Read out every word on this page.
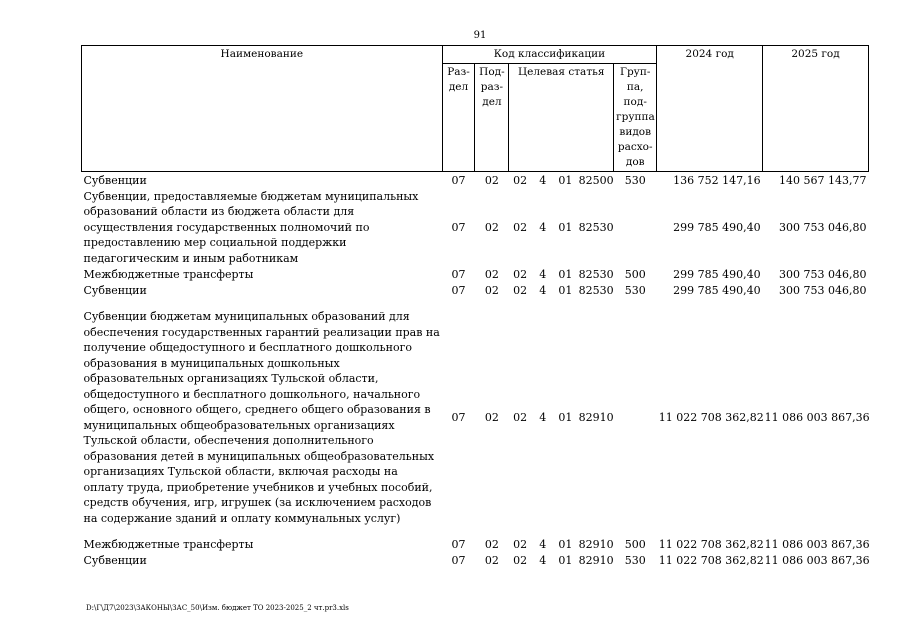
91
Наименование	Код классификации							2024 год	2025 год
	Раз- дел	Под- раз- дел	Целевая статья				Груп- па, под- группа видов расхо- дов		
Субвенции	07	02	02	4	01	82500	530	136 752 147,16	140 567 143,77
Субвенции, предоставляемые бюджетам муниципальных образований области из бюджета области для осуществления государственных полномочий по предоставлению мер социальной поддержки педагогическим и иным работникам	07	02	02	4	01	82530		299 785 490,40	300 753 046,80
Межбюджетные трансферты	07	02	02	4	01	82530	500	299 785 490,40	300 753 046,80
Субвенции	07	02	02	4	01	82530	530	299 785 490,40	300 753 046,80
Субвенции бюджетам муниципальных образований для обеспечения государственных гарантий реализации прав на получение общедоступного и бесплатного дошкольного образования в муниципальных дошкольных образовательных организациях Тульской области, общедоступного и бесплатного дошкольного, начального общего, основного общего, среднего общего образования в муниципальных общеобразовательных организациях Тульской области, обеспечения дополнительного образования детей в муниципальных общеобразовательных организациях Тульской области, включая расходы на оплату труда, приобретение учебников и учебных пособий, средств обучения, игр, игрушек (за исключением расходов на содержание зданий и оплату коммунальных услуг)	07	02	02	4	01	82910		11 022 708 362,82	11 086 003 867,36
Межбюджетные трансферты	07	02	02	4	01	82910	500	11 022 708 362,82	11 086 003 867,36
Субвенции	07	02	02	4	01	82910	530	11 022 708 362,82	11 086 003 867,36
D:\Г\Д7\2023\ЗАКОНЫ\ЗАС_50\Изм. бюджет ТО 2023-2025_2 чт.pr3.xls
